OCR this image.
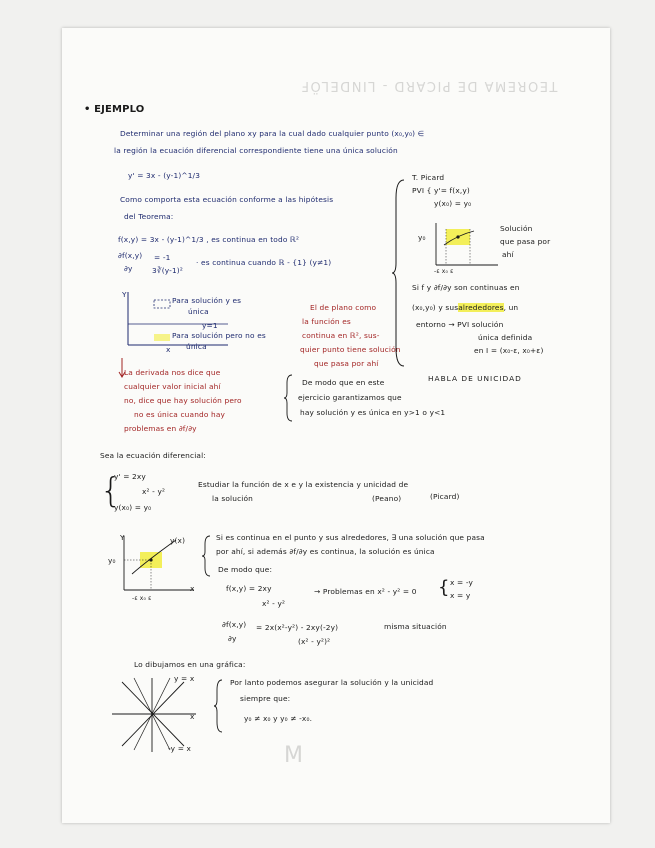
TEOREMA DE PICARD - LINDELÖF
M
• EJEMPLO
Determinar una región del plano xy para la cual dado cualquier punto (x₀,y₀) ∈
la región la ecuación diferencial correspondiente tiene una única solución
y' = 3x - (y-1)^1/3
Como comporta esta ecuación conforme a las hipótesis
del Teorema:
f(x,y) = 3x - (y-1)^1/3 , es continua en todo ℝ²
∂f(x,y) = -1
∂y	3∛(y-1)²
· es continua cuando ℝ - {1} (y≠1)
Y
Para solución y es
única
y=1
Para solución pero no es
única
x
El de plano como
la función es
continua en ℝ², sus-
quier punto tiene solución
que pasa por ahí
La derivada nos dice que
cualquier valor inicial ahí
no, dice que hay solución pero
no es única cuando hay
problemas en ∂f/∂y
De modo que en este
ejercicio garantizamos que
hay solución y es única en y>1 o y<1
T. Picard
PVI { y'= f(x,y)
y(x₀) = y₀
y₀
-ε x₀ ε
Solución
que pasa por
ahí
Si f y ∂f/∂y son continuas en
(x₀,y₀) y susalrededores, un
entorno → PVI solución
única definida
en I = (x₀-ε, x₀+ε)
HABLA DE UNICIDAD
Sea la ecuación diferencial:
{
y' = 2xy
x² - y²
y(x₀) = y₀
Estudiar la función de x e y la existencia y unicidad de
la solución	(Peano)	(Picard)
Y	y(x)
y₀
-ε x₀ ε
x
Si es continua en el punto y sus alrededores, ∃ una solución que pasa
por ahí, si además ∂f/∂y es continua, la solución es única
De modo que:
f(x,y) = 2xy
x² - y²
→ Problemas en x² - y² = 0 { x = -y
x = y
∂f(x,y) = 2x(x²-y²) - 2xy(-2y)
∂y	(x² - y²)²
misma situación
Lo dibujamos en una gráfica:
y = x
x
-y = x
Por lanto podemos asegurar la solución y la unicidad
siempre que:
y₀ ≠ x₀ y y₀ ≠ -x₀.
